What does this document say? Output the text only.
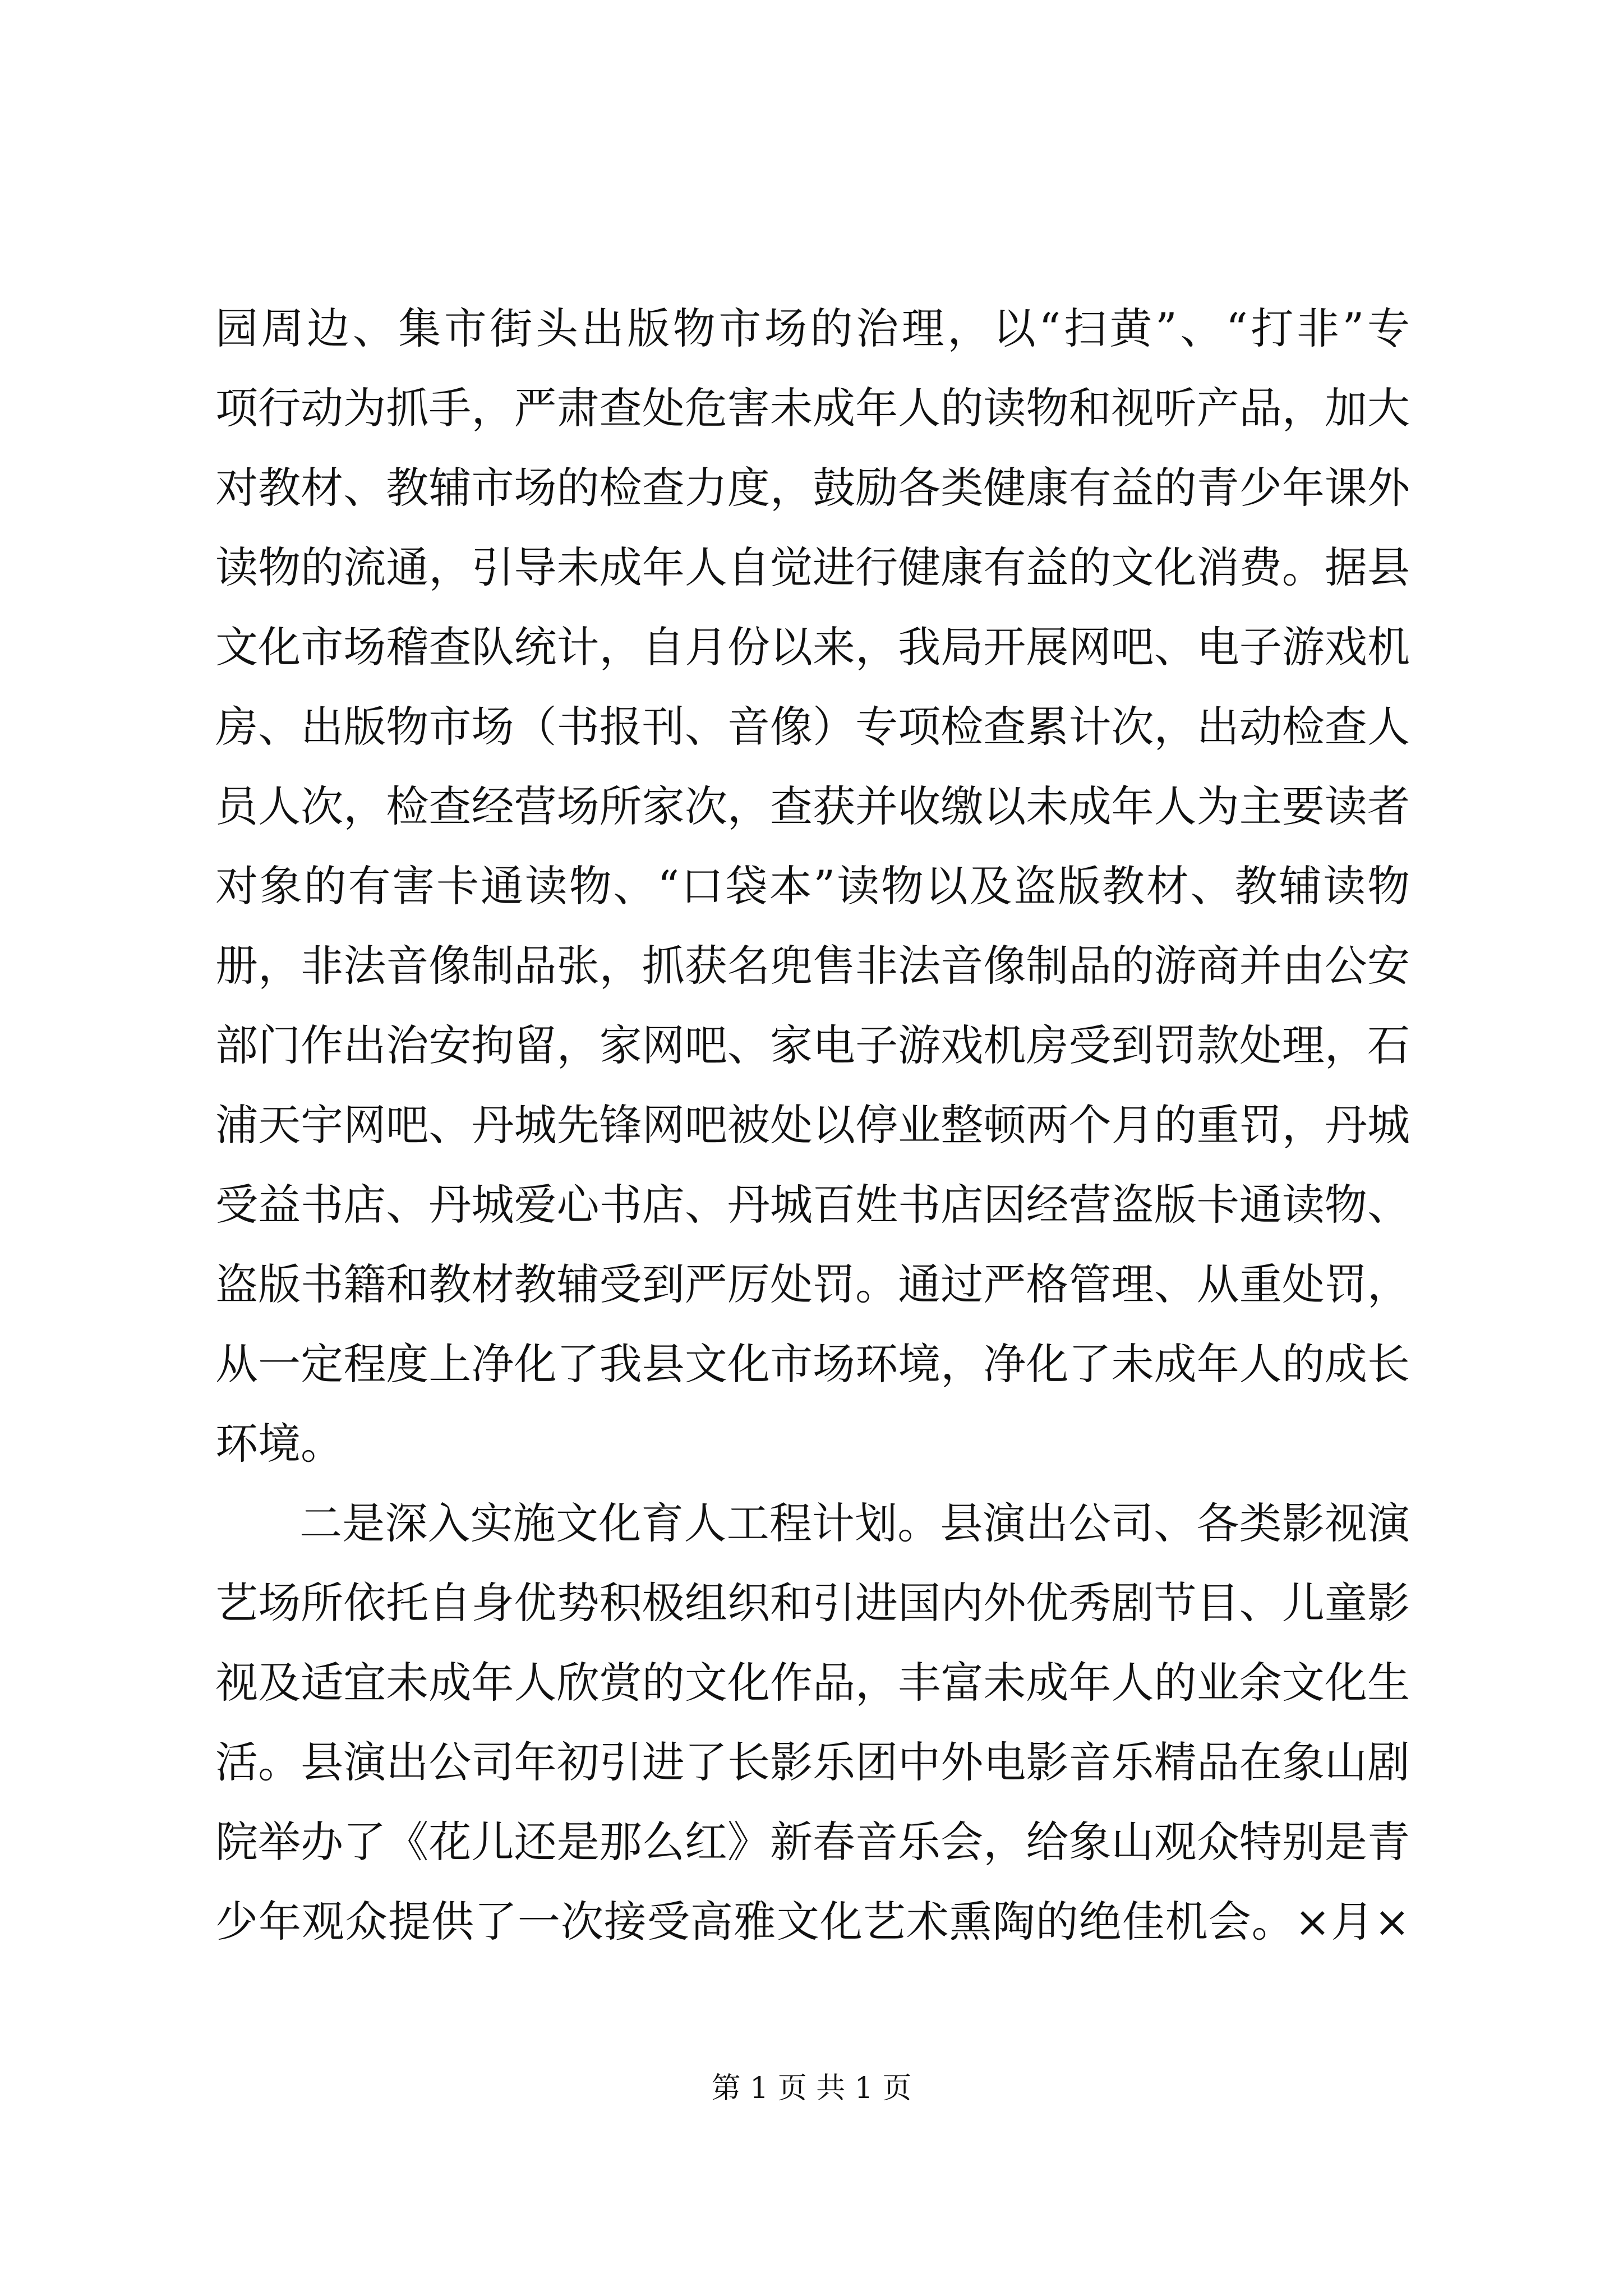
园周边、集市街头出版物市场的治理，以“扫黄”、“打非”专
项行动为抓手，严肃查处危害未成年人的读物和视听产品，加大
对教材、教辅市场的检查力度，鼓励各类健康有益的青少年课外
读物的流通，引导未成年人自觉进行健康有益的文化消费。据县
文化市场稽查队统计，自月份以来，我局开展网吧、电子游戏机
房、出版物市场（书报刊、音像）专项检查累计次，出动检查人
员人次，检查经营场所家次，查获并收缴以未成年人为主要读者
对象的有害卡通读物、“口袋本”读物以及盗版教材、教辅读物
册，非法音像制品张，抓获名兜售非法音像制品的游商并由公安
部门作出治安拘留，家网吧、家电子游戏机房受到罚款处理，石
浦天宇网吧、丹城先锋网吧被处以停业整顿两个月的重罚，丹城
受益书店、丹城爱心书店、丹城百姓书店因经营盗版卡通读物、
盗版书籍和教材教辅受到严厉处罚。通过严格管理、从重处罚，
从一定程度上净化了我县文化市场环境，净化了未成年人的成长
环境。
二是深入实施文化育人工程计划。县演出公司、各类影视演
艺场所依托自身优势积极组织和引进国内外优秀剧节目、儿童影
视及适宜未成年人欣赏的文化作品，丰富未成年人的业余文化生
活。县演出公司年初引进了长影乐团中外电影音乐精品在象山剧
院举办了《花儿还是那么红》新春音乐会，给象山观众特别是青
少年观众提供了一次接受高雅文化艺术熏陶的绝佳机会。×月×
第 1 页 共 1 页
